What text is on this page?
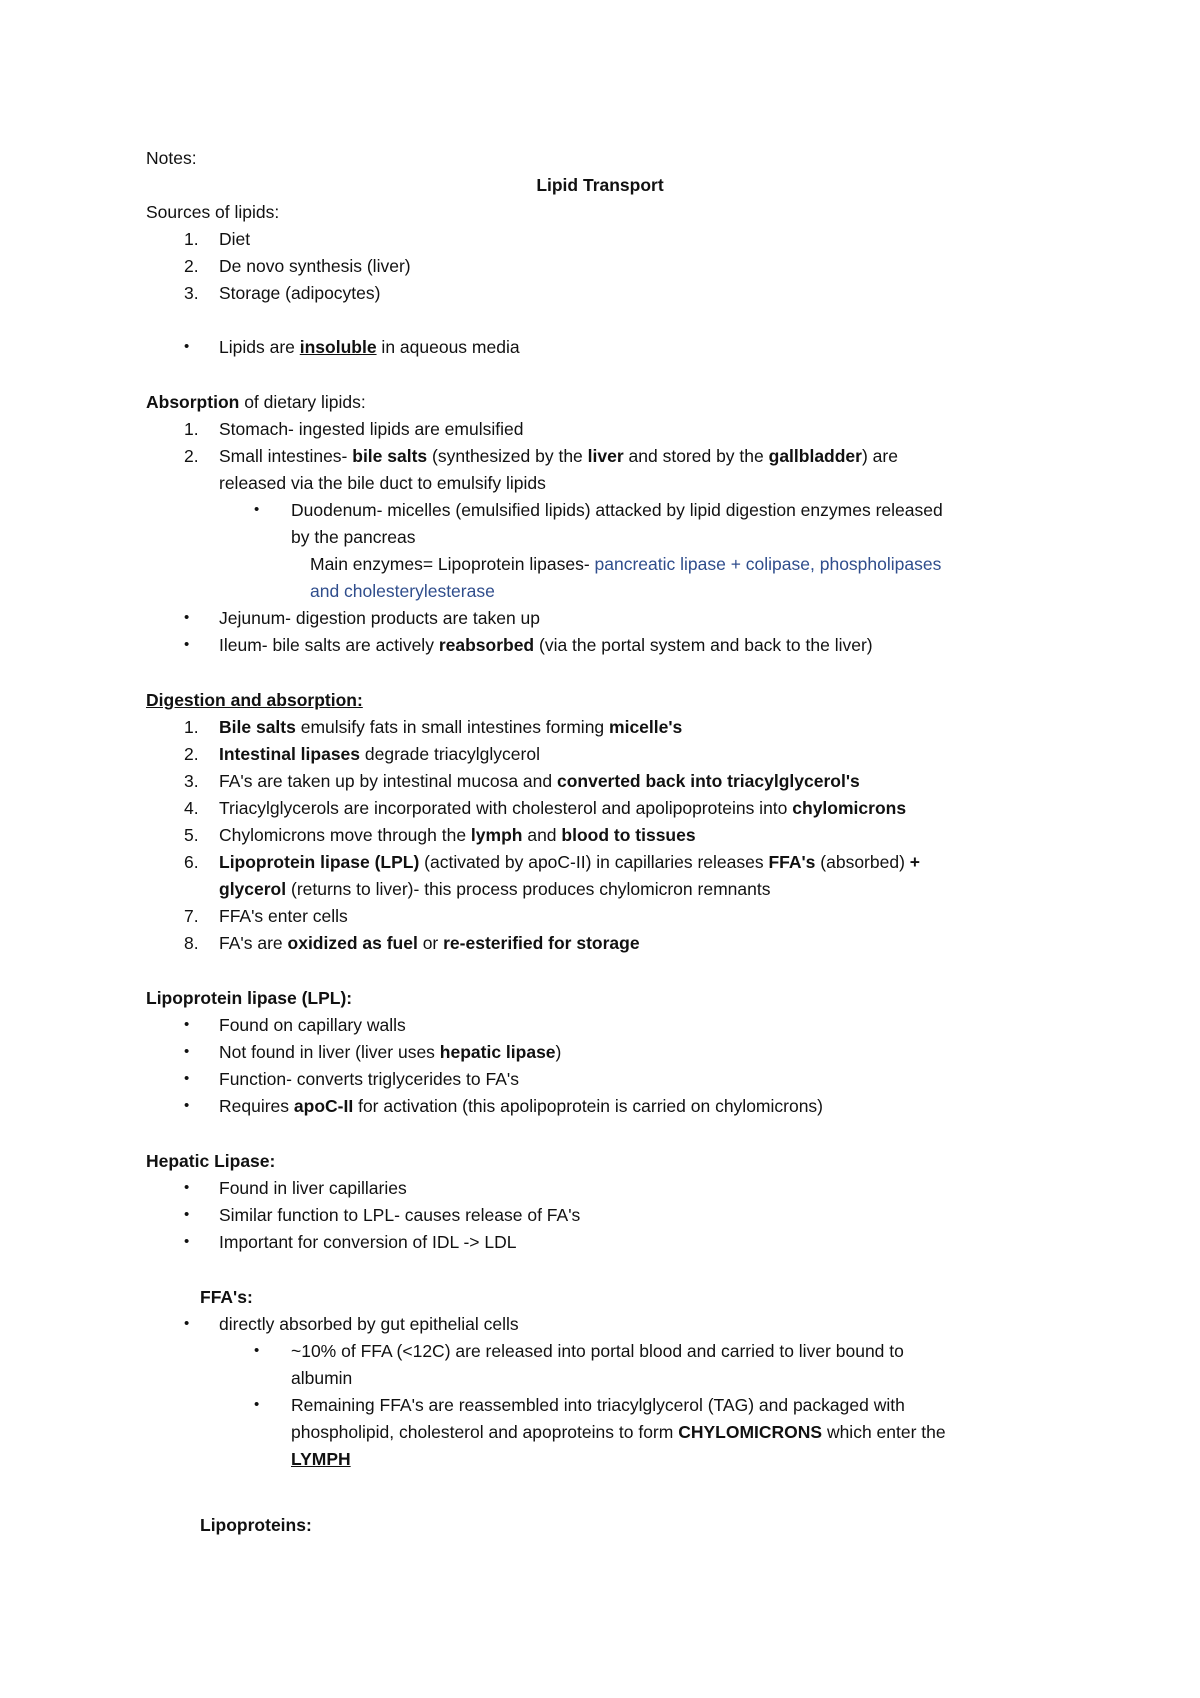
Notes:
Lipid Transport
Sources of lipids:
1. Diet
2. De novo synthesis (liver)
3. Storage (adipocytes)
• Lipids are insoluble in aqueous media
Absorption of dietary lipids:
1. Stomach- ingested lipids are emulsified
2. Small intestines- bile salts (synthesized by the liver and stored by the gallbladder) are
released via the bile duct to emulsify lipids
• Duodenum- micelles (emulsified lipids) attacked by lipid digestion enzymes released
by the pancreas
Main enzymes= Lipoprotein lipases- pancreatic lipase + colipase, phospholipases
and cholesterylesterase
• Jejunum- digestion products are taken up
• Ileum- bile salts are actively reabsorbed (via the portal system and back to the liver)
Digestion and absorption:
1. Bile salts emulsify fats in small intestines forming micelle's
2. Intestinal lipases degrade triacylglycerol
3. FA's are taken up by intestinal mucosa and converted back into triacylglycerol's
4. Triacylglycerols are incorporated with cholesterol and apolipoproteins into chylomicrons
5. Chylomicrons move through the lymph and blood to tissues
6. Lipoprotein lipase (LPL) (activated by apoC-II) in capillaries releases FFA's (absorbed) +
glycerol (returns to liver)- this process produces chylomicron remnants
7. FFA's enter cells
8. FA's are oxidized as fuel or re-esterified for storage
Lipoprotein lipase (LPL):
• Found on capillary walls
• Not found in liver (liver uses hepatic lipase)
• Function- converts triglycerides to FA's
• Requires apoC-II for activation (this apolipoprotein is carried on chylomicrons)
Hepatic Lipase:
• Found in liver capillaries
• Similar function to LPL- causes release of FA's
• Important for conversion of IDL -> LDL
FFA's:
• directly absorbed by gut epithelial cells
• ~10% of FFA (<12C) are released into portal blood and carried to liver bound to
albumin
• Remaining FFA's are reassembled into triacylglycerol (TAG) and packaged with
phospholipid, cholesterol and apoproteins to form CHYLOMICRONS which enter the
LYMPH
Lipoproteins:
